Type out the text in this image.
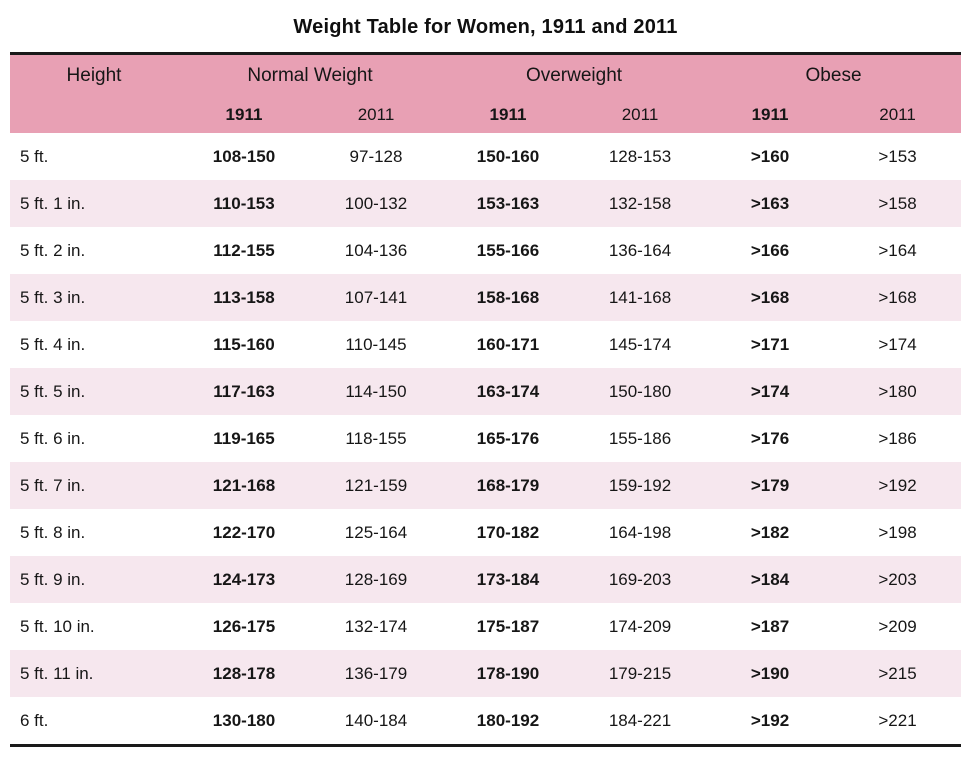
Weight Table for Women, 1911 and 2011
Height	Normal Weight		Overweight		Obese	
	1911	2011	1911	2011	1911	2011
5 ft.	108-150	97-128	150-160	128-153	>160	>153
5 ft. 1 in.	110-153	100-132	153-163	132-158	>163	>158
5 ft. 2 in.	112-155	104-136	155-166	136-164	>166	>164
5 ft. 3 in.	113-158	107-141	158-168	141-168	>168	>168
5 ft. 4 in.	115-160	110-145	160-171	145-174	>171	>174
5 ft. 5 in.	117-163	114-150	163-174	150-180	>174	>180
5 ft. 6 in.	119-165	118-155	165-176	155-186	>176	>186
5 ft. 7 in.	121-168	121-159	168-179	159-192	>179	>192
5 ft. 8 in.	122-170	125-164	170-182	164-198	>182	>198
5 ft. 9 in.	124-173	128-169	173-184	169-203	>184	>203
5 ft. 10 in.	126-175	132-174	175-187	174-209	>187	>209
5 ft. 11 in.	128-178	136-179	178-190	179-215	>190	>215
6 ft.	130-180	140-184	180-192	184-221	>192	>221
